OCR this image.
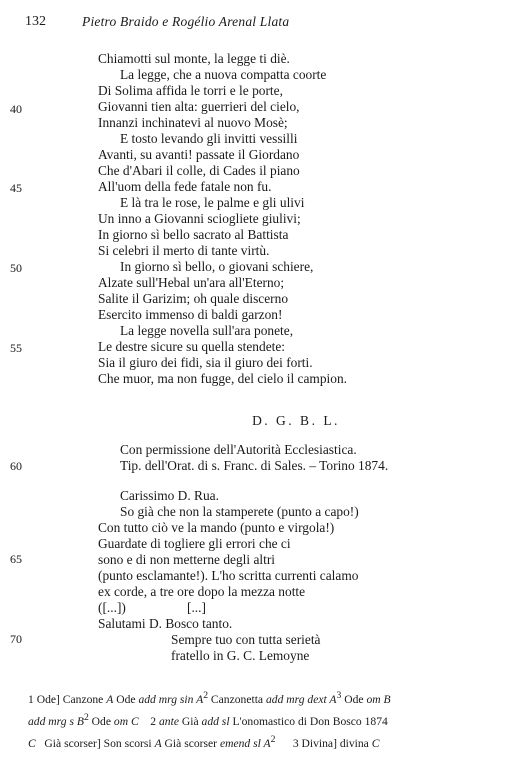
132	Pietro Braido e Rogélio Arenal Llata
Chiamotti sul monte, la legge ti diè.
La legge, che a nuova compatta coorte
Di Solima affida le torri e le porte,
Giovanni tien alta: guerrieri del cielo,
Innanzi inchinatevi al nuovo Mosè;
E tosto levando gli invitti vessilli
Avanti, su avanti! passate il Giordano
Che d'Abari il colle, di Cades il piano
All'uom della fede fatale non fu.
E là tra le rose, le palme e gli ulivi
Un inno a Giovanni sciogliete giulivi;
In giorno sì bello sacrato al Battista
Si celebri il merto di tante virtù.
In giorno sì bello, o giovani schiere,
Alzate sull'Hebal un'ara all'Eterno;
Salite il Garizim; oh quale discerno
Esercito immenso di baldi garzon!
La legge novella sull'ara ponete,
Le destre sicure su quella stendete:
Sia il giuro dei fidi, sia il giuro dei forti.
Che muor, ma non fugge, del cielo il campion.
40
45
50
55
60
65
70
D. G. B. L.
Con permissione dell'Autorità Ecclesiastica.
Tip. dell'Orat. di s. Franc. di Sales. – Torino 1874.
Carissimo D. Rua.
So già che non la stamperete (punto a capo!)
Con tutto ciò ve la mando (punto e virgola!)
Guardate di togliere gli errori che ci
sono e di non metterne degli altri
(punto esclamante!). L'ho scritta currenti calamo
ex corde, a tre ore dopo la mezza notte
([...])	[...]
Salutami D. Bosco tanto.
Sempre tuo con tutta serietà
fratello in G. C. Lemoyne
1 Ode] Canzone A Ode add mrg $\sin A^2$ Canzonetta add mrg dext $A^3$ Ode om B
add mrg s $B^2$ Ode om C    2 ante Già add sl L'onomastico di Don Bosco 1874
C   Già scorser] Son scorsi A Già scorser emend sl $A^2$      3 Divina] divina C
